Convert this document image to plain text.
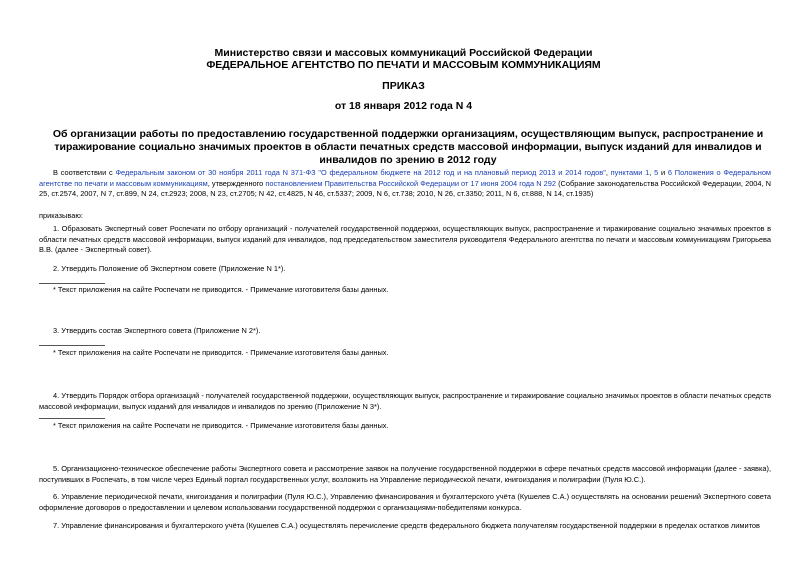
Министерство связи и массовых коммуникаций Российской Федерации
ФЕДЕРАЛЬНОЕ АГЕНТСТВО ПО ПЕЧАТИ И МАССОВЫМ КОММУНИКАЦИЯМ
ПРИКАЗ
от 18 января 2012 года N 4
Об организации работы по предоставлению государственной поддержки организациям, осуществляющим выпуск, распространение и тиражирование социально значимых проектов в области печатных средств массовой информации, выпуск изданий для инвалидов и инвалидов по зрению в 2012 году
В соответствии с Федеральным законом от 30 ноября 2011 года N 371-ФЗ "О федеральном бюджете на 2012 год и на плановый период 2013 и 2014 годов", пунктами 1, 5 и 6 Положения о Федеральном агентстве по печати и массовым коммуникациям, утвержденного постановлением Правительства Российской Федерации от 17 июня 2004 года N 292 (Собрание законодательства Российской Федерации, 2004, N 25, ст.2574, 2007, N 7, ст.899, N 24, ст.2923; 2008, N 23, ст.2705; N 42, ст.4825, N 46, ст.5337; 2009, N 6, ст.738; 2010, N 26, ст.3350; 2011, N 6, ст.888, N 14, ст.1935)
приказываю:
1. Образовать Экспертный совет Роспечати по отбору организаций - получателей государственной поддержки, осуществляющих выпуск, распространение и тиражирование социально значимых проектов в области печатных средств массовой информации, выпуск изданий для инвалидов, под председательством заместителя руководителя Федерального агентства по печати и массовым коммуникациям Григорьева В.В. (далее - Экспертный совет).
2. Утвердить Положение об Экспертном совете (Приложение N 1*).
* Текст приложения на сайте Роспечати не приводится. - Примечание изготовителя базы данных.
3. Утвердить состав Экспертного совета (Приложение N 2*).
* Текст приложения на сайте Роспечати не приводится. - Примечание изготовителя базы данных.
4. Утвердить Порядок отбора организаций - получателей государственной поддержки, осуществляющих выпуск, распространение и тиражирование социально значимых проектов в области печатных средств массовой информации, выпуск изданий для инвалидов и инвалидов по зрению (Приложение N 3*).
* Текст приложения на сайте Роспечати не приводится. - Примечание изготовителя базы данных.
5. Организационно-техническое обеспечение работы Экспертного совета и рассмотрение заявок на получение государственной поддержки в сфере печатных средств массовой информации (далее - заявка), поступивших в Роспечать, в том числе через Единый портал государственных услуг, возложить на Управление периодической печати, книгоиздания и полиграфии (Пуля Ю.С.).
6. Управление периодической печати, книгоиздания и полиграфии (Пуля Ю.С.), Управлению финансирования и бухгалтерского учёта (Кушелев С.А.) осуществлять на основании решений Экспертного совета оформление договоров о предоставлении и целевом использовании государственной поддержки с организациями-победителями конкурса.
7. Управление финансирования и бухгалтерского учёта (Кушелев С.А.) осуществлять перечисление средств федерального бюджета получателям государственной поддержки в пределах остатков лимитов
